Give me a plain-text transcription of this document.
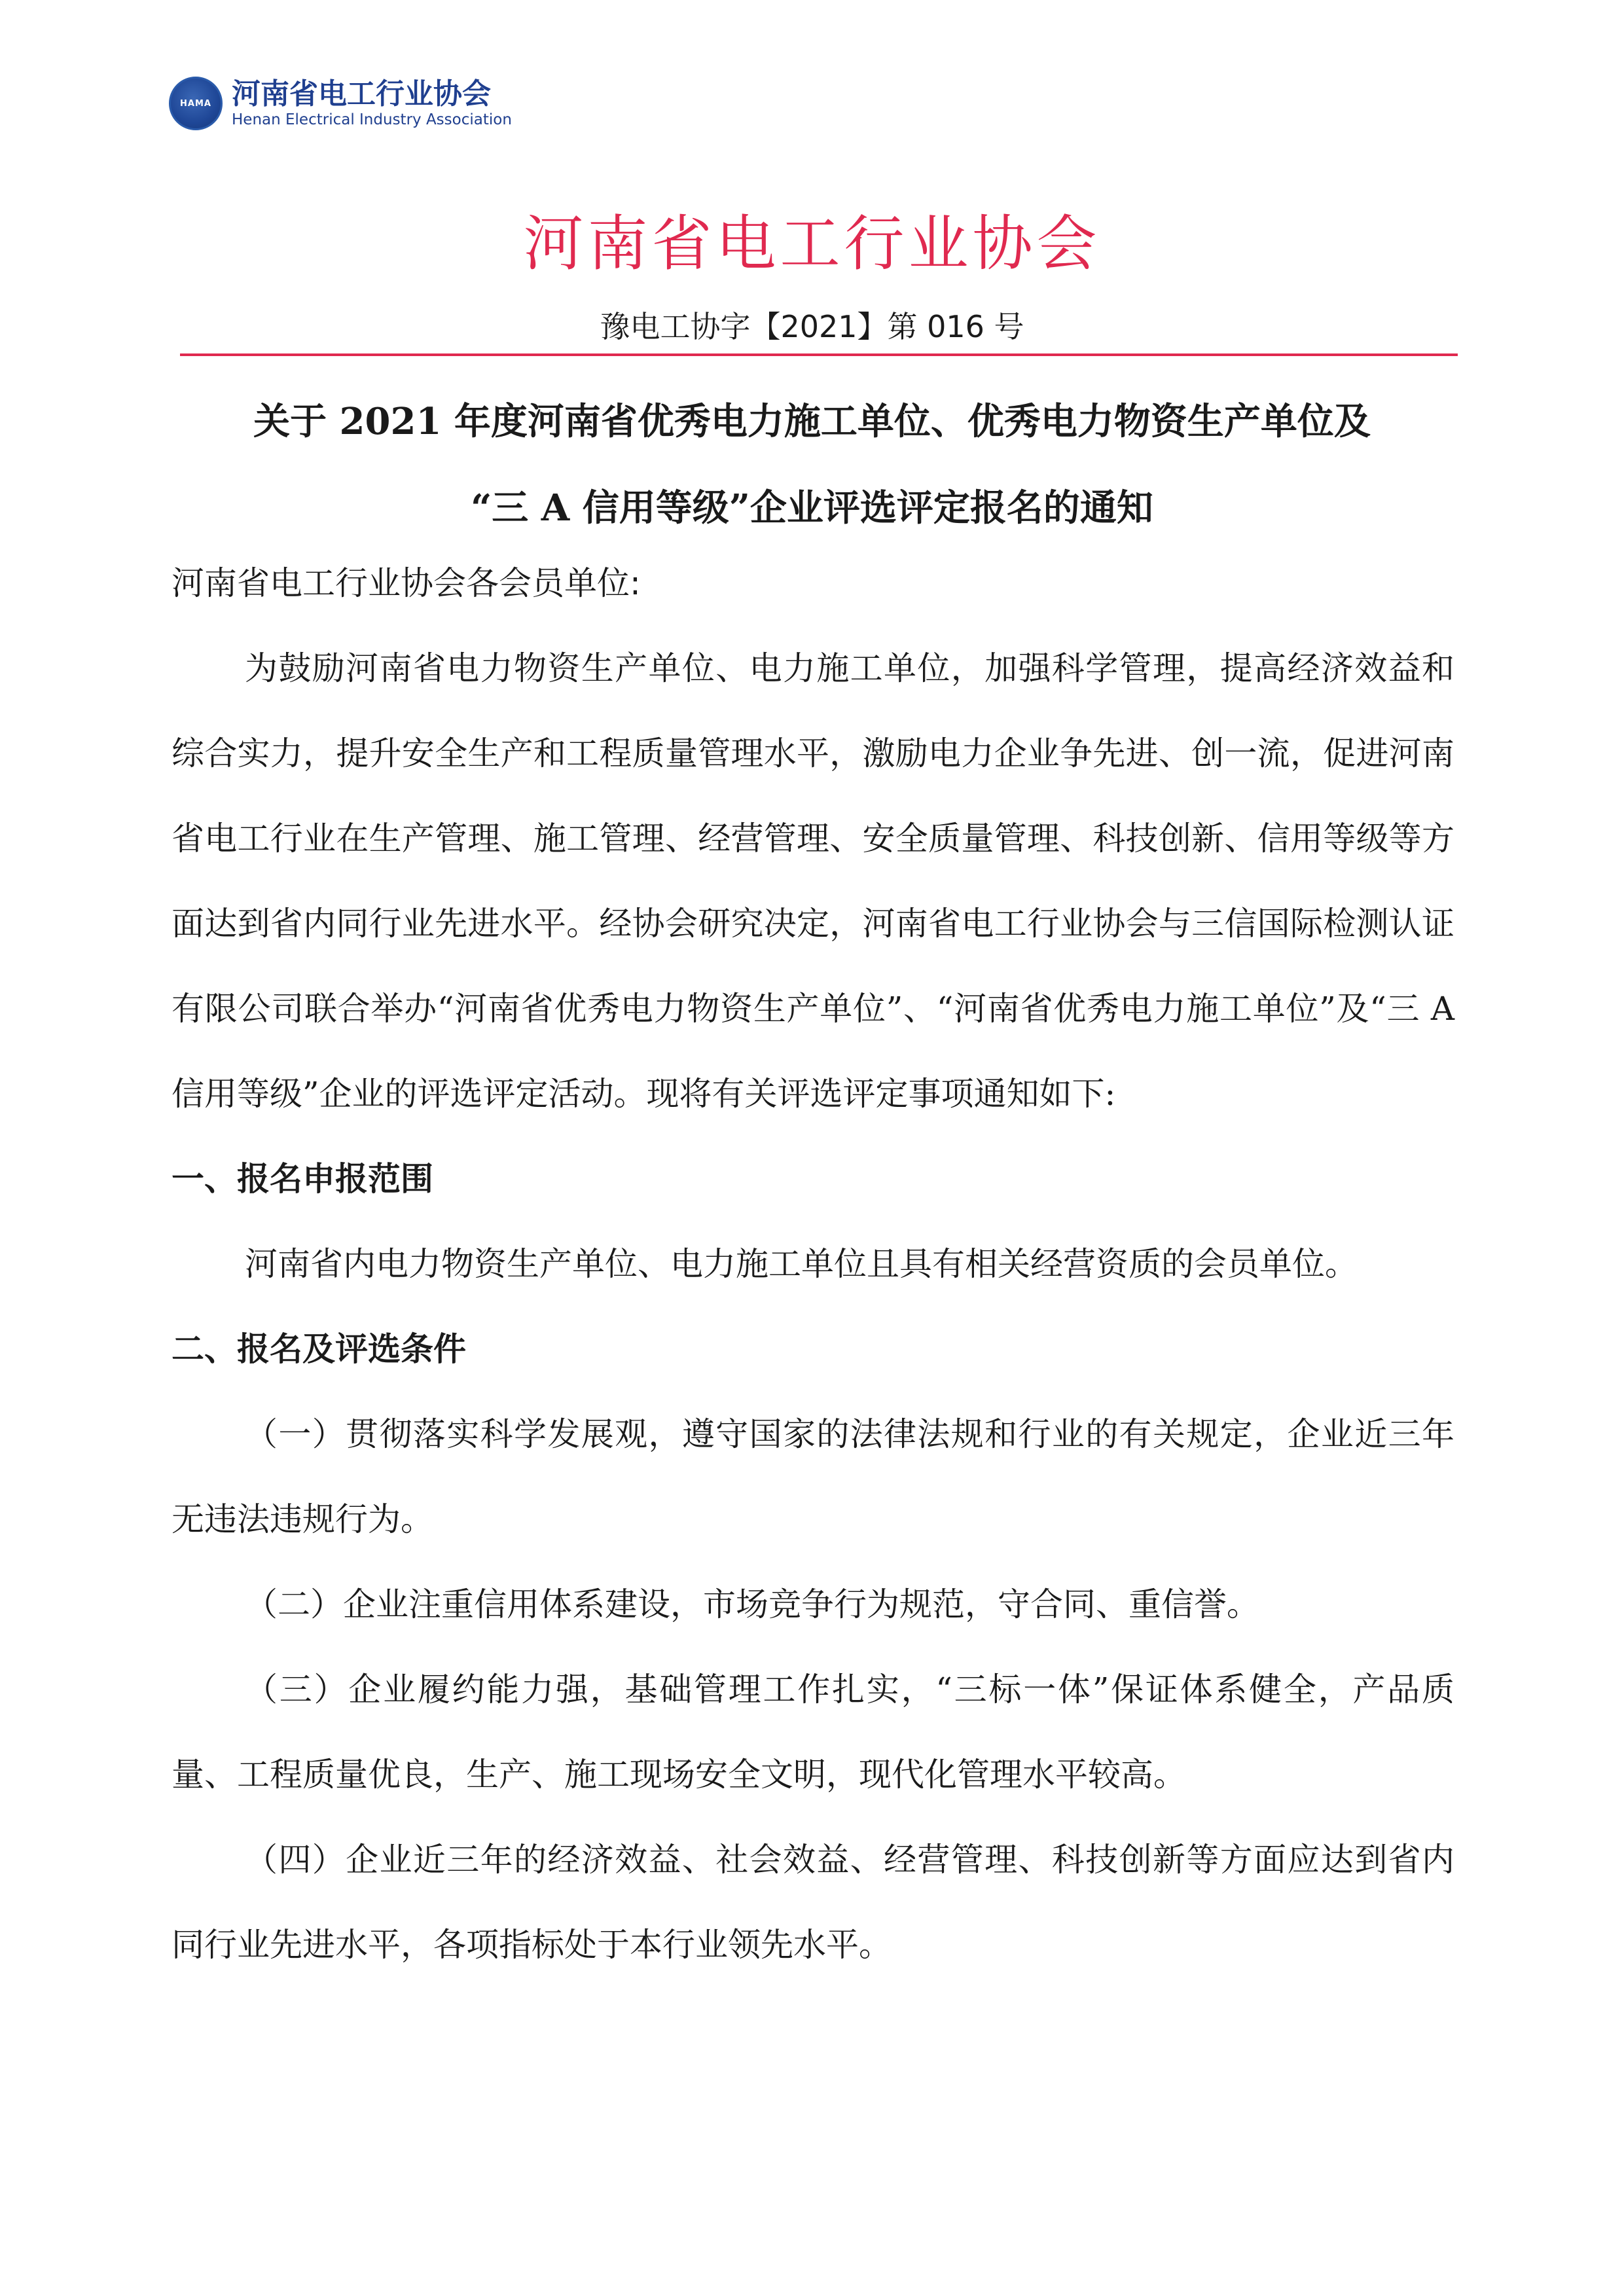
HAMA 河南省电工行业协会
Henan Electrical Industry Association
河南省电工行业协会
豫电工协字【2021】第 016 号
关于 2021 年度河南省优秀电力施工单位、优秀电力物资生产单位及
“三 A 信用等级”企业评选评定报名的通知

河南省电工行业协会各会员单位:

为鼓励河南省电力物资生产单位、电力施工单位，加强科学管理，提高经济效益和综合实力，提升安全生产和工程质量管理水平，激励电力企业争先进、创一流，促进河南省电工行业在生产管理、施工管理、经营管理、安全质量管理、科技创新、信用等级等方面达到省内同行业先进水平。经协会研究决定，河南省电工行业协会与三信国际检测认证有限公司联合举办“河南省优秀电力物资生产单位”、“河南省优秀电力施工单位”及“三 A 信用等级”企业的评选评定活动。现将有关评选评定事项通知如下:

一、报名申报范围

河南省内电力物资生产单位、电力施工单位且具有相关经营资质的会员单位。

二、报名及评选条件

（一）贯彻落实科学发展观，遵守国家的法律法规和行业的有关规定，企业近三年无违法违规行为。

（二）企业注重信用体系建设，市场竞争行为规范，守合同、重信誉。

（三）企业履约能力强，基础管理工作扎实，“三标一体”保证体系健全，产品质量、工程质量优良，生产、施工现场安全文明，现代化管理水平较高。

（四）企业近三年的经济效益、社会效益、经营管理、科技创新等方面应达到省内同行业先进水平，各项指标处于本行业领先水平。
